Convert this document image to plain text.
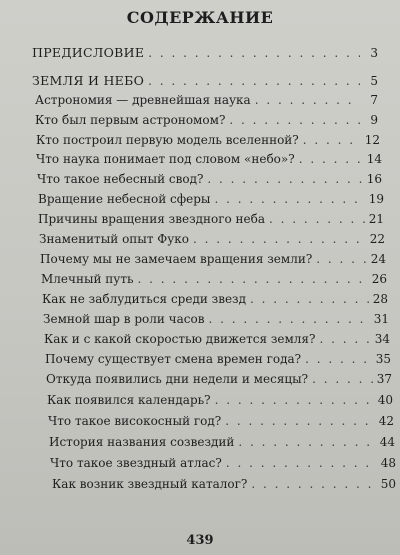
СОДЕРЖАНИЕ
ПРЕДИСЛОВИЕ . . .	3
ЗЕМЛЯ И НЕБО . . .	5
Астрономия — древнейшая наука . . .	7
Кто был первым астрономом? . . .	9
Кто построил первую модель вселенной? . . .	12
Что наука понимает под словом «небо»? . . .	14
Что такое небесный свод? . . .	16
Вращение небесной сферы . . .	19
Причины вращения звездного неба . . .	21
Знаменитый опыт Фуко . . .	22
Почему мы не замечаем вращения земли? . . .	24
Млечный путь . . .	26
Как не заблудиться среди звезд . . .	28
Земной шар в роли часов . . .	31
Как и с какой скоростью движется земля? . . .	34
Почему существует смена времен года? . . .	35
Откуда появились дни недели и месяцы? . . .	37
Как появился календарь? . . .	40
Что такое високосный год? . . .	42
История названия созвездий . . .	44
Что такое звездный атлас? . . .	48
Как возник звездный каталог? . . .	50
439
